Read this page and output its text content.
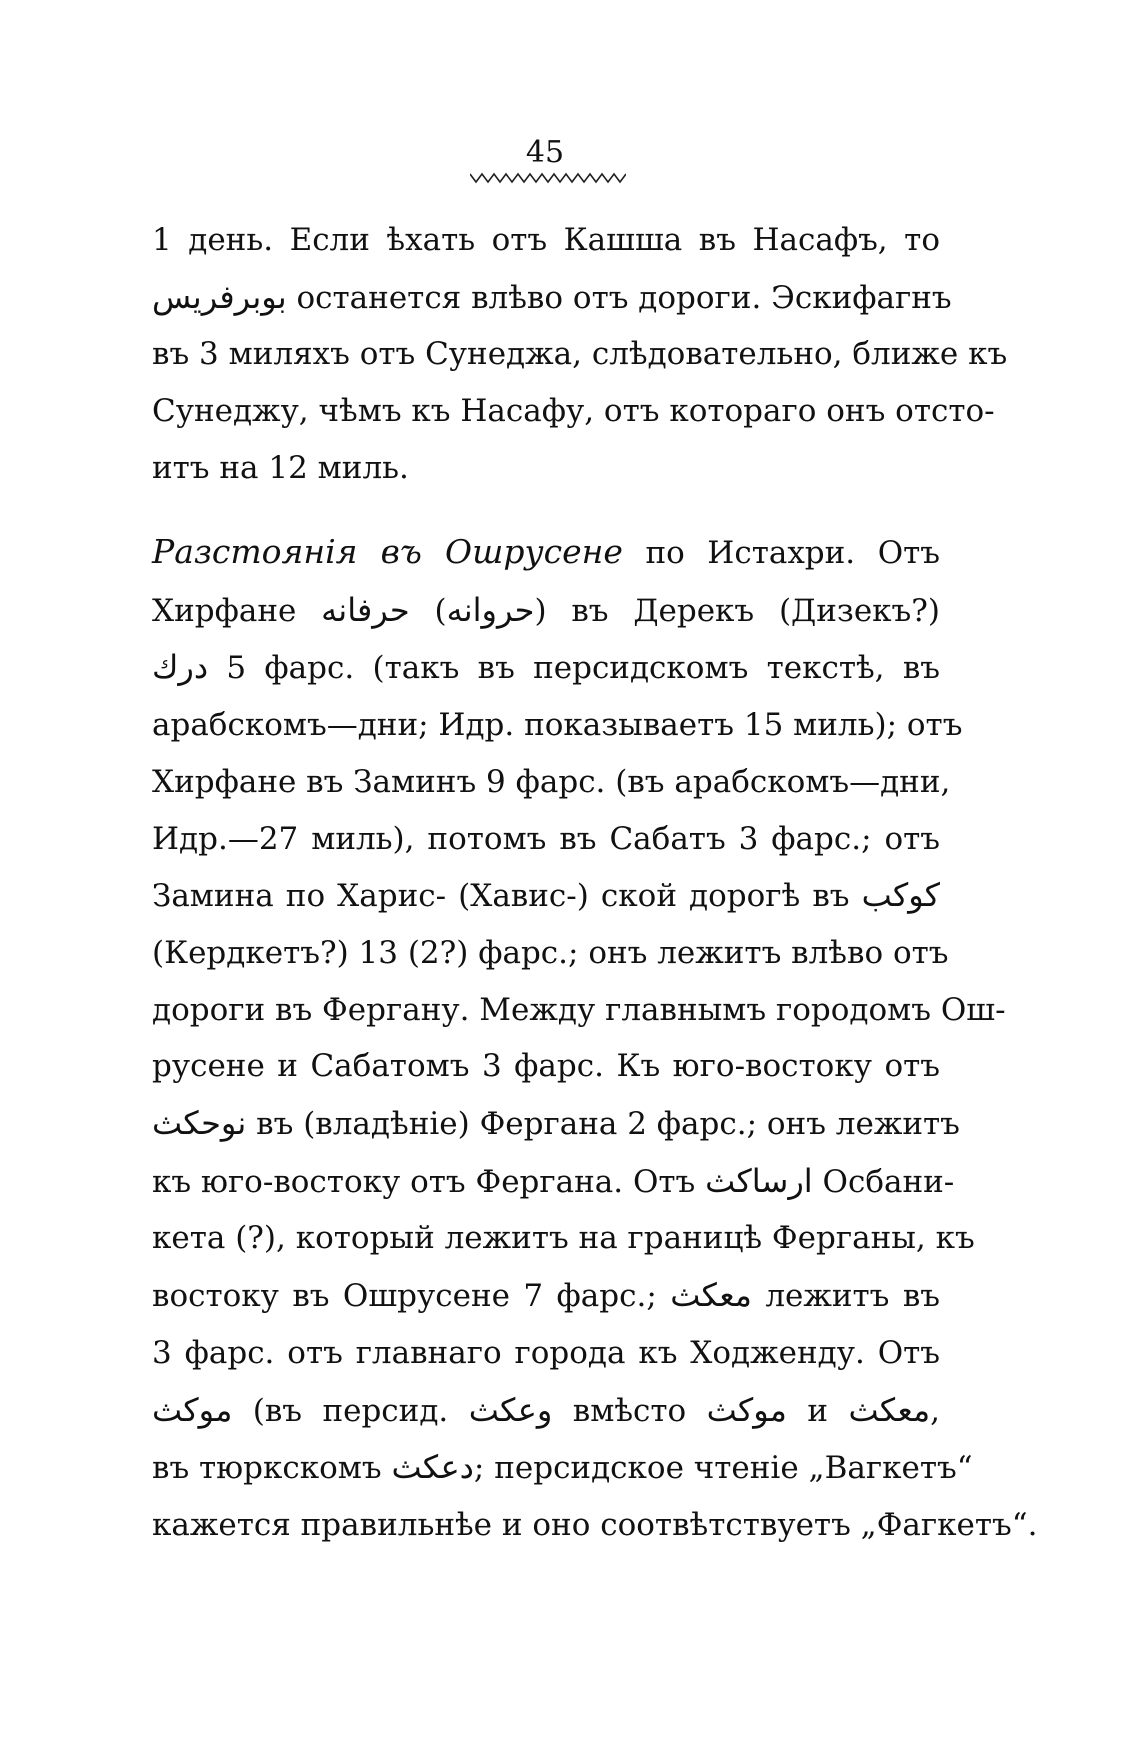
45
1 день. Если ѣхать отъ Кашша въ Насафъ, то
بوبرفريس останется влѣво отъ дороги. Эскифагнъ
въ 3 миляхъ отъ Сунеджа, слѣдовательно, ближе къ
Сунеджу, чѣмъ къ Насафу, отъ котораго онъ отсто-
итъ на 12 миль.
Разстоянія въ Ошрусене по Истахри. Отъ
Хирфане حرفانه (حروانه) въ Дерекъ (Дизекъ?)
درك 5 фарс. (такъ въ персидскомъ текстѣ, въ
арабскомъ—дни; Идр. показываетъ 15 миль); отъ
Хирфане въ Заминъ 9 фарс. (въ арабскомъ—дни,
Идр.—27 миль), потомъ въ Сабатъ 3 фарс.; отъ
Замина по Харис- (Хавис-) ской дорогѣ въ كوكب
(Кердкетъ?) 13 (2?) фарс.; онъ лежитъ влѣво отъ
дороги въ Фергану. Между главнымъ городомъ Ош-
русене и Сабатомъ 3 фарс. Къ юго-востоку отъ
نوحكث въ (владѣніе) Фергана 2 фарс.; онъ лежитъ
къ юго-востоку отъ Фергана. Отъ ارساكث Осбани-
кета (?), который лежитъ на границѣ Ферганы, къ
востоку въ Ошрусене 7 фарс.; معكث лежитъ въ
3 фарс. отъ главнаго города къ Ходженду. Отъ
موكث (въ персид. وعكث вмѣсто موكث и معكث,
въ тюркскомъ دعكث; персидское чтеніе „Вагкетъ“
кажется правильнѣе и оно соотвѣтствуетъ „Фагкетъ“.
